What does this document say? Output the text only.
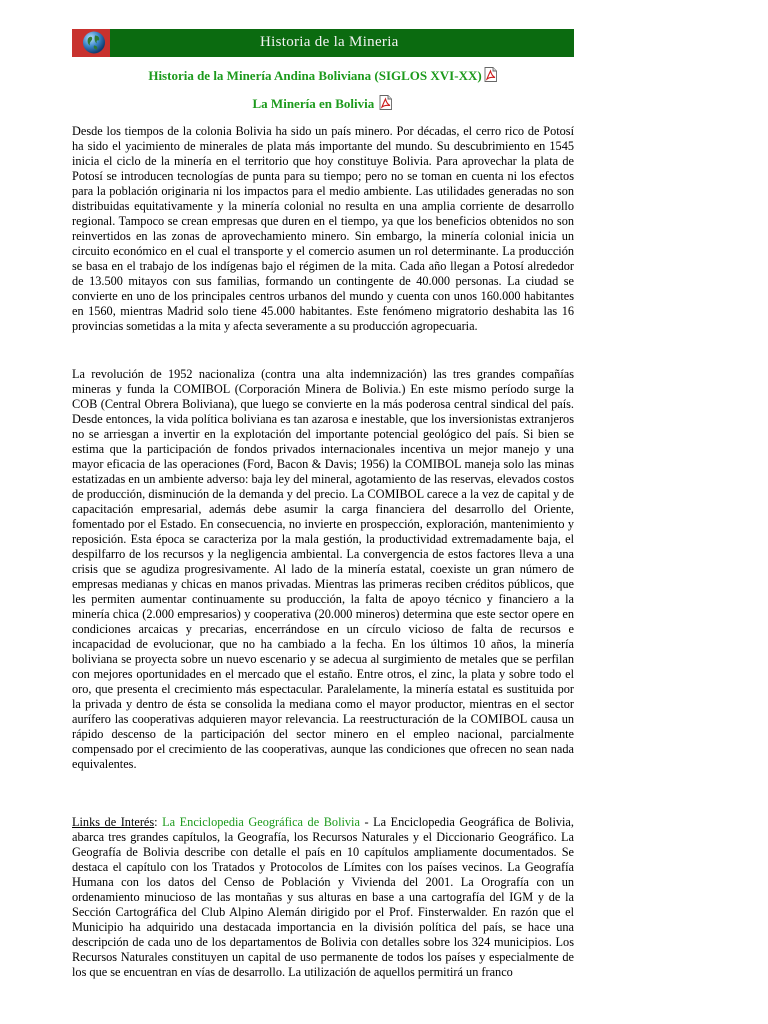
Historia de la Mineria
Historia de la Minería Andina Boliviana (SIGLOS XVI-XX)
La Minería en Bolivia

Desde los tiempos de la colonia Bolivia ha sido un país minero. Por décadas, el cerro rico de Potosí ha sido el yacimiento de minerales de plata más importante del mundo. Su descubrimiento en 1545 inicia el ciclo de la minería en el territorio que hoy constituye Bolivia. Para aprovechar la plata de Potosí se introducen tecnologías de punta para su tiempo; pero no se toman en cuenta ni los efectos para la población originaria ni los impactos para el medio ambiente. Las utilidades generadas no son distribuidas equitativamente y la minería colonial no resulta en una amplia corriente de desarrollo regional. Tampoco se crean empresas que duren en el tiempo, ya que los beneficios obtenidos no son reinvertidos en las zonas de aprovechamiento minero. Sin embargo, la minería colonial inicia un circuito económico en el cual el transporte y el comercio asumen un rol determinante. La producción se basa en el trabajo de los indígenas bajo el régimen de la mita. Cada año llegan a Potosí alrededor de 13.500 mitayos con sus familias, formando un contingente de 40.000 personas. La ciudad se convierte en uno de los principales centros urbanos del mundo y cuenta con unos 160.000 habitantes en 1560, mientras Madrid solo tiene 45.000 habitantes. Este fenómeno migratorio deshabita las 16 provincias sometidas a la mita y afecta severamente a su producción agropecuaria.

La revolución de 1952 nacionaliza (contra una alta indemnización) las tres grandes compañías mineras y funda la COMIBOL (Corporación Minera de Bolivia.) En este mismo período surge la COB (Central Obrera Boliviana), que luego se convierte en la más poderosa central sindical del país. Desde entonces, la vida política boliviana es tan azarosa e inestable, que los inversionistas extranjeros no se arriesgan a invertir en la explotación del importante potencial geológico del país. Si bien se estima que la participación de fondos privados internacionales incentiva un mejor manejo y una mayor eficacia de las operaciones (Ford, Bacon & Davis; 1956) la COMIBOL maneja solo las minas estatizadas en un ambiente adverso: baja ley del mineral, agotamiento de las reservas, elevados costos de producción, disminución de la demanda y del precio. La COMIBOL carece a la vez de capital y de capacitación empresarial, además debe asumir la carga financiera del desarrollo del Oriente, fomentado por el Estado. En consecuencia, no invierte en prospección, exploración, mantenimiento y reposición. Esta época se caracteriza por la mala gestión, la productividad extremadamente baja, el despilfarro de los recursos y la negligencia ambiental. La convergencia de estos factores lleva a una crisis que se agudiza progresivamente. Al lado de la minería estatal, coexiste un gran número de empresas medianas y chicas en manos privadas. Mientras las primeras reciben créditos públicos, que les permiten aumentar continuamente su producción, la falta de apoyo técnico y financiero a la minería chica (2.000 empresarios) y cooperativa (20.000 mineros) determina que este sector opere en condiciones arcaicas y precarias, encerrándose en un círculo vicioso de falta de recursos e incapacidad de evolucionar, que no ha cambiado a la fecha. En los últimos 10 años, la minería boliviana se proyecta sobre un nuevo escenario y se adecua al surgimiento de metales que se perfilan con mejores oportunidades en el mercado que el estaño. Entre otros, el zinc, la plata y sobre todo el oro, que presenta el crecimiento más espectacular. Paralelamente, la minería estatal es sustituida por la privada y dentro de ésta se consolida la mediana como el mayor productor, mientras en el sector aurífero las cooperativas adquieren mayor relevancia. La reestructuración de la COMIBOL causa un rápido descenso de la participación del sector minero en el empleo nacional, parcialmente compensado por el crecimiento de las cooperativas, aunque las condiciones que ofrecen no sean nada equivalentes.

Links de Interés: La Enciclopedia Geográfica de Bolivia - La Enciclopedia Geográfica de Bolivia, abarca tres grandes capítulos, la Geografía, los Recursos Naturales y el Diccionario Geográfico. La Geografía de Bolivia describe con detalle el país en 10 capítulos ampliamente documentados. Se destaca el capítulo con los Tratados y Protocolos de Límites con los países vecinos. La Geografía Humana con los datos del Censo de Población y Vivienda del 2001. La Orografía con un ordenamiento minucioso de las montañas y sus alturas en base a una cartografía del IGM y de la Sección Cartográfica del Club Alpino Alemán dirigido por el Prof. Finsterwalder. En razón que el Municipio ha adquirido una destacada importancia en la división política del país, se hace una descripción de cada uno de los departamentos de Bolivia con detalles sobre los 324 municipios. Los Recursos Naturales constituyen un capital de uso permanente de todos los países y especialmente de los que se encuentran en vías de desarrollo. La utilización de aquellos permitirá un franco
